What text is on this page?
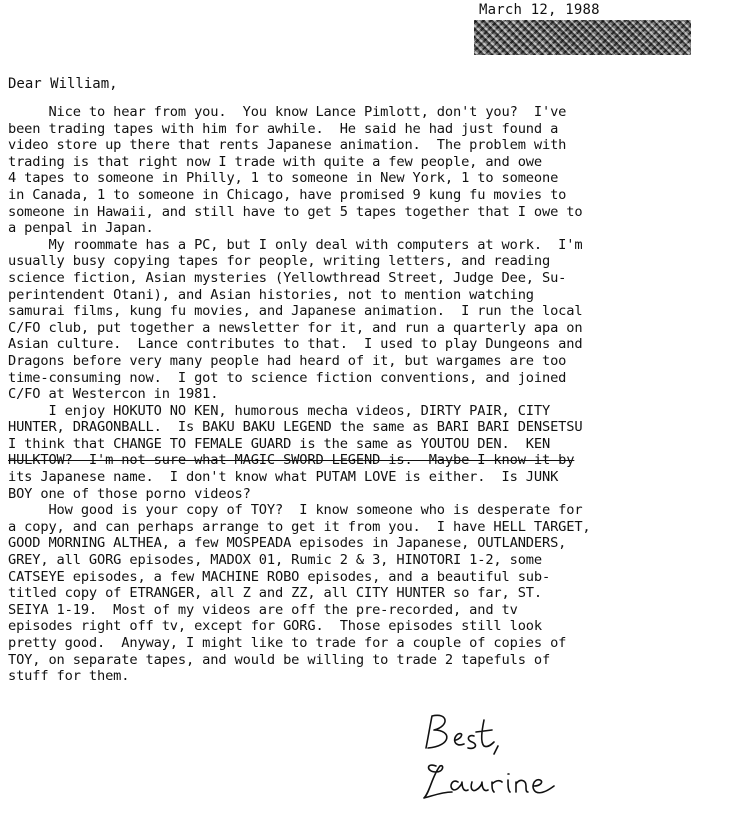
March 12, 1988
Dear William,
Nice to hear from you.  You know Lance Pimlott, don't you?  I've
been trading tapes with him for awhile.  He said he had just found a
video store up there that rents Japanese animation.  The problem with
trading is that right now I trade with quite a few people, and owe
4 tapes to someone in Philly, 1 to someone in New York, 1 to someone
in Canada, 1 to someone in Chicago, have promised 9 kung fu movies to
someone in Hawaii, and still have to get 5 tapes together that I owe to
a penpal in Japan.
My roommate has a PC, but I only deal with computers at work.  I'm
usually busy copying tapes for people, writing letters, and reading
science fiction, Asian mysteries (Yellowthread Street, Judge Dee, Su-
perintendent Otani), and Asian histories, not to mention watching
samurai films, kung fu movies, and Japanese animation.  I run the local
C/FO club, put together a newsletter for it, and run a quarterly apa on
Asian culture.  Lance contributes to that.  I used to play Dungeons and
Dragons before very many people had heard of it, but wargames are too
time-consuming now.  I got to science fiction conventions, and joined
C/FO at Westercon in 1981.
I enjoy HOKUTO NO KEN, humorous mecha videos, DIRTY PAIR, CITY
HUNTER, DRAGONBALL.  Is BAKU BAKU LEGEND the same as BARI BARI DENSETSU
I think that CHANGE TO FEMALE GUARD is the same as YOUTOU DEN.  KEN
HULKTOW?  I'm not sure what MAGIC SWORD LEGEND is.  Maybe I know it by
its Japanese name.  I don't know what PUTAM LOVE is either.  Is JUNK
BOY one of those porno videos?
How good is your copy of TOY?  I know someone who is desperate for
a copy, and can perhaps arrange to get it from you.  I have HELL TARGET,
GOOD MORNING ALTHEA, a few MOSPEADA episodes in Japanese, OUTLANDERS,
GREY, all GORG episodes, MADOX 01, Rumic 2 & 3, HINOTORI 1-2, some
CATSEYE episodes, a few MACHINE ROBO episodes, and a beautiful sub-
titled copy of ETRANGER, all Z and ZZ, all CITY HUNTER so far, ST.
SEIYA 1-19.  Most of my videos are off the pre-recorded, and tv
episodes right off tv, except for GORG.  Those episodes still look
pretty good.  Anyway, I might like to trade for a couple of copies of
TOY, on separate tapes, and would be willing to trade 2 tapefuls of
stuff for them.
